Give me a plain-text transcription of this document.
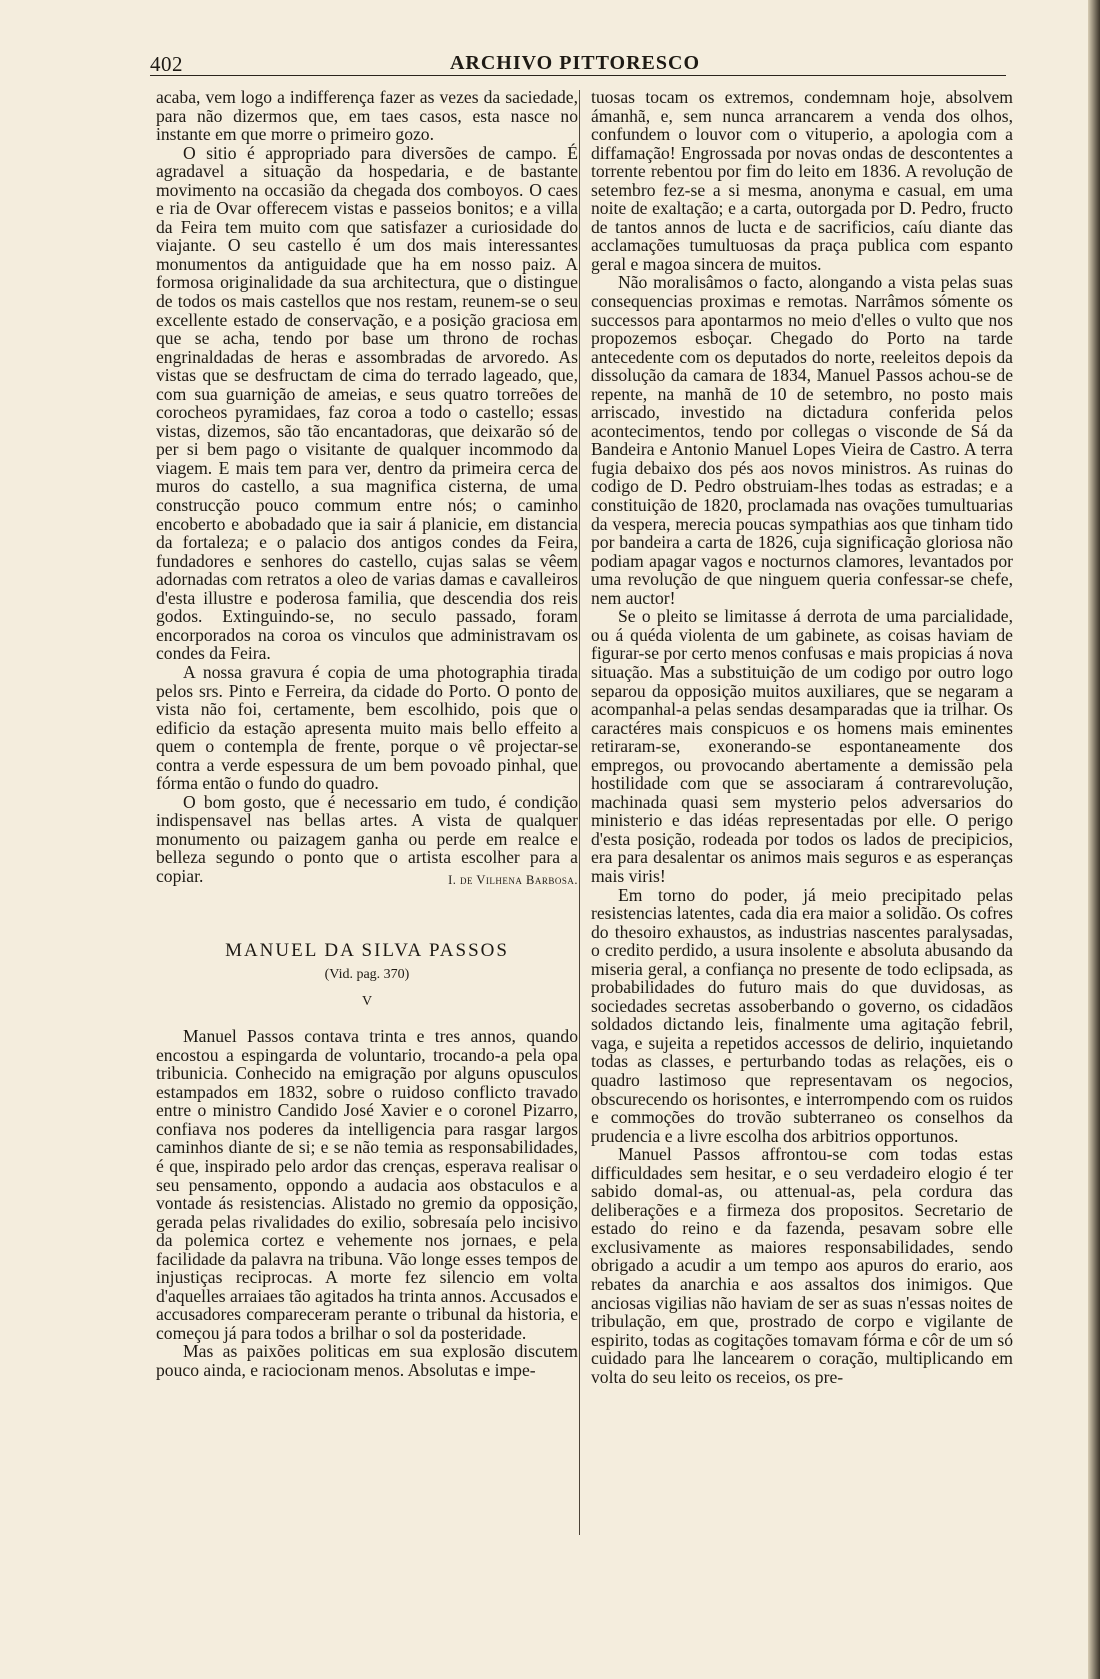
402	ARCHIVO PITTORESCO

acaba, vem logo a indifferença fazer as vezes da saciedade, para não dizermos que, em taes casos, esta nasce no instante em que morre o primeiro gozo.

O sitio é appropriado para diversões de campo. É agradavel a situação da hospedaria, e de bastante movimento na occasião da chegada dos comboyos. O caes e ria de Ovar offerecem vistas e passeios bonitos; e a villa da Feira tem muito com que satisfazer a curiosidade do viajante. O seu castello é um dos mais interessantes monumentos da antiguidade que ha em nosso paiz. A formosa originalidade da sua architectura, que o distingue de todos os mais castellos que nos restam, reunem-se o seu excellente estado de conservação, e a posição graciosa em que se acha, tendo por base um throno de rochas engrinaldadas de heras e assombradas de arvoredo. As vistas que se desfructam de cima do terrado lageado, que, com sua guarnição de ameias, e seus quatro torreões de corocheos pyramidaes, faz coroa a todo o castello; essas vistas, dizemos, são tão encantadoras, que deixarão só de per si bem pago o visitante de qualquer incommodo da viagem. E mais tem para ver, dentro da primeira cerca de muros do castello, a sua magnifica cisterna, de uma construcção pouco commum entre nós; o caminho encoberto e abobadado que ia sair á planicie, em distancia da fortaleza; e o palacio dos antigos condes da Feira, fundadores e senhores do castello, cujas salas se vêem adornadas com retratos a oleo de varias damas e cavalleiros d'esta illustre e poderosa familia, que descendia dos reis godos. Extinguindo-se, no seculo passado, foram encorporados na coroa os vinculos que administravam os condes da Feira.

A nossa gravura é copia de uma photographia tirada pelos srs. Pinto e Ferreira, da cidade do Porto. O ponto de vista não foi, certamente, bem escolhido, pois que o edificio da estação apresenta muito mais bello effeito a quem o contempla de frente, porque o vê projectar-se contra a verde espessura de um bem povoado pinhal, que fórma então o fundo do quadro.

O bom gosto, que é necessario em tudo, é condição indispensavel nas bellas artes. A vista de qualquer monumento ou paizagem ganha ou perde em realce e belleza segundo o ponto que o artista escolher para a copiar.	I. de Vilhena Barbosa.

MANUEL DA SILVA PASSOS
(Vid. pag. 370)
V

Manuel Passos contava trinta e tres annos, quando encostou a espingarda de voluntario, trocando-a pela opa tribunicia. Conhecido na emigração por alguns opusculos estampados em 1832, sobre o ruidoso conflicto travado entre o ministro Candido José Xavier e o coronel Pizarro, confiava nos poderes da intelligencia para rasgar largos caminhos diante de si; e se não temia as responsabilidades, é que, inspirado pelo ardor das crenças, esperava realisar o seu pensamento, oppondo a audacia aos obstaculos e a vontade ás resistencias. Alistado no gremio da opposição, gerada pelas rivalidades do exilio, sobresaía pelo incisivo da polemica cortez e vehemente nos jornaes, e pela facilidade da palavra na tribuna. Vão longe esses tempos de injustiças reciprocas. A morte fez silencio em volta d'aquelles arraiaes tão agitados ha trinta annos. Accusados e accusadores compareceram perante o tribunal da historia, e começou já para todos a brilhar o sol da posteridade.

Mas as paixões politicas em sua explosão discutem pouco ainda, e raciocionam menos. Absolutas e impe-

tuosas tocam os extremos, condemnam hoje, absolvem ámanhã, e, sem nunca arrancarem a venda dos olhos, confundem o louvor com o vituperio, a apologia com a diffamação! Engrossada por novas ondas de descontentes a torrente rebentou por fim do leito em 1836. A revolução de setembro fez-se a si mesma, anonyma e casual, em uma noite de exaltação; e a carta, outorgada por D. Pedro, fructo de tantos annos de lucta e de sacrificios, caíu diante das acclamações tumultuosas da praça publica com espanto geral e magoa sincera de muitos.

Não moralisâmos o facto, alongando a vista pelas suas consequencias proximas e remotas. Narrâmos sómente os successos para apontarmos no meio d'elles o vulto que nos propozemos esboçar. Chegado do Porto na tarde antecedente com os deputados do norte, reeleitos depois da dissolução da camara de 1834, Manuel Passos achou-se de repente, na manhã de 10 de setembro, no posto mais arriscado, investido na dictadura conferida pelos acontecimentos, tendo por collegas o visconde de Sá da Bandeira e Antonio Manuel Lopes Vieira de Castro. A terra fugia debaixo dos pés aos novos ministros. As ruinas do codigo de D. Pedro obstruiam-lhes todas as estradas; e a constituição de 1820, proclamada nas ovações tumultuarias da vespera, merecia poucas sympathias aos que tinham tido por bandeira a carta de 1826, cuja significação gloriosa não podiam apagar vagos e nocturnos clamores, levantados por uma revolução de que ninguem queria confessar-se chefe, nem auctor!

Se o pleito se limitasse á derrota de uma parcialidade, ou á quéda violenta de um gabinete, as coisas haviam de figurar-se por certo menos confusas e mais propicias á nova situação. Mas a substituição de um codigo por outro logo separou da opposição muitos auxiliares, que se negaram a acompanhal-a pelas sendas desamparadas que ia trilhar. Os caractéres mais conspicuos e os homens mais eminentes retiraram-se, exonerando-se espontaneamente dos empregos, ou provocando abertamente a demissão pela hostilidade com que se associaram á contrarevolução, machinada quasi sem mysterio pelos adversarios do ministerio e das idéas representadas por elle. O perigo d'esta posição, rodeada por todos os lados de precipicios, era para desalentar os animos mais seguros e as esperanças mais viris!

Em torno do poder, já meio precipitado pelas resistencias latentes, cada dia era maior a solidão. Os cofres do thesoiro exhaustos, as industrias nascentes paralysadas, o credito perdido, a usura insolente e absoluta abusando da miseria geral, a confiança no presente de todo eclipsada, as probabilidades do futuro mais do que duvidosas, as sociedades secretas assoberbando o governo, os cidadãos soldados dictando leis, finalmente uma agitação febril, vaga, e sujeita a repetidos accessos de delirio, inquietando todas as classes, e perturbando todas as relações, eis o quadro lastimoso que representavam os negocios, obscurecendo os horisontes, e interrompendo com os ruidos e commoções do trovão subterraneo os conselhos da prudencia e a livre escolha dos arbitrios opportunos.

Manuel Passos affrontou-se com todas estas difficuldades sem hesitar, e o seu verdadeiro elogio é ter sabido domal-as, ou attenual-as, pela cordura das deliberações e a firmeza dos propositos. Secretario de estado do reino e da fazenda, pesavam sobre elle exclusivamente as maiores responsabilidades, sendo obrigado a acudir a um tempo aos apuros do erario, aos rebates da anarchia e aos assaltos dos inimigos. Que anciosas vigilias não haviam de ser as suas n'essas noites de tribulação, em que, prostrado de corpo e vigilante de espirito, todas as cogitações tomavam fórma e côr de um só cuidado para lhe lancearem o coração, multiplicando em volta do seu leito os receios, os pre-
